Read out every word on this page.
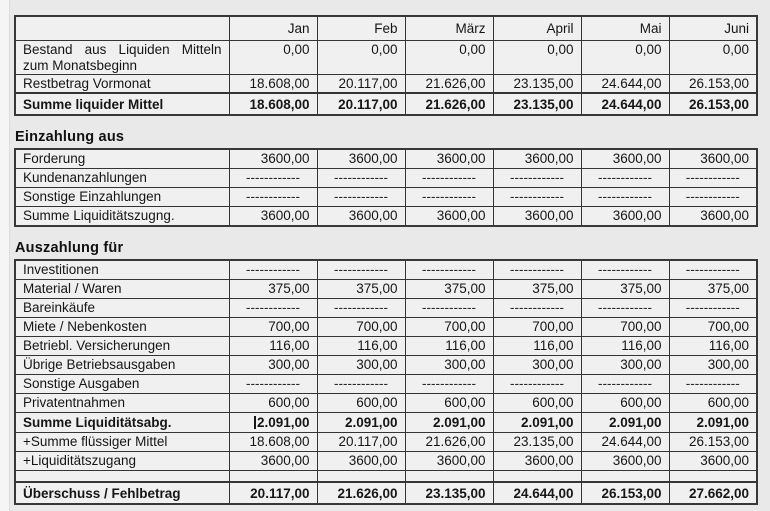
	Jan	Feb	März	April	Mai	Juni
Bestand aus Liquiden Mitteln zum Monatsbeginn	0,00	0,00	0,00	0,00	0,00	0,00
Restbetrag Vormonat	18.608,00	20.117,00	21.626,00	23.135,00	24.644,00	26.153,00
Summe liquider Mittel	18.608,00	20.117,00	21.626,00	23.135,00	24.644,00	26.153,00
Einzahlung aus
Forderung	3600,00	3600,00	3600,00	3600,00	3600,00	3600,00
Kundenanzahlungen	------------	------------	------------	------------	------------	------------
Sonstige Einzahlungen	------------	------------	------------	------------	------------	------------
Summe Liquiditätszugng.	3600,00	3600,00	3600,00	3600,00	3600,00	3600,00
Auszahlung für
Investitionen	------------	------------	------------	------------	------------	------------
Material / Waren	375,00	375,00	375,00	375,00	375,00	375,00
Bareinkäufe	------------	------------	------------	------------	------------	------------
Miete / Nebenkosten	700,00	700,00	700,00	700,00	700,00	700,00
Betriebl. Versicherungen	116,00	116,00	116,00	116,00	116,00	116,00
Übrige Betriebsausgaben	300,00	300,00	300,00	300,00	300,00	300,00
Sonstige Ausgaben	------------	------------	------------	------------	------------	------------
Privatentnahmen	600,00	600,00	600,00	600,00	600,00	600,00
Summe Liquiditätsabg.	2.091,00	2.091,00	2.091,00	2.091,00	2.091,00	2.091,00
+Summe flüssiger Mittel	18.608,00	20.117,00	21.626,00	23.135,00	24.644,00	26.153,00
+Liquiditätszugang	3600,00	3600,00	3600,00	3600,00	3600,00	3600,00

Überschuss / Fehlbetrag	20.117,00	21.626,00	23.135,00	24.644,00	26.153,00	27.662,00
